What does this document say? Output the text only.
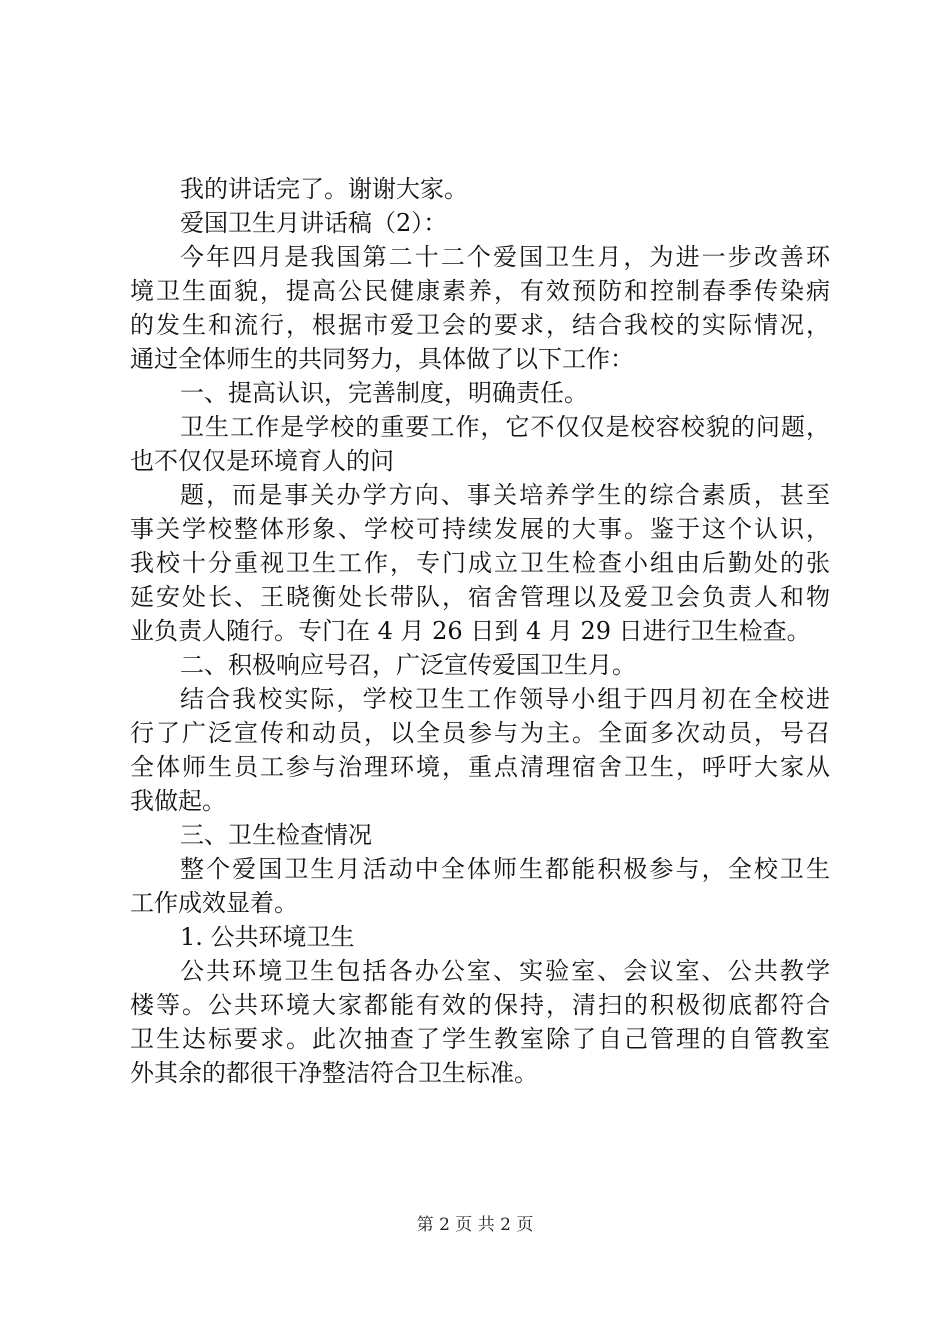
我的讲话完了。谢谢大家。
爱国卫生月讲话稿（2）：
今年四月是我国第二十二个爱国卫生月，为进一步改善环
境卫生面貌，提高公民健康素养，有效预防和控制春季传染病
的发生和流行，根据市爱卫会的要求，结合我校的实际情况，
通过全体师生的共同努力，具体做了以下工作：
一、提高认识，完善制度，明确责任。
卫生工作是学校的重要工作，它不仅仅是校容校貌的问题，
也不仅仅是环境育人的问
题，而是事关办学方向、事关培养学生的综合素质，甚至
事关学校整体形象、学校可持续发展的大事。鉴于这个认识，
我校十分重视卫生工作，专门成立卫生检查小组由后勤处的张
延安处长、王晓衡处长带队，宿舍管理以及爱卫会负责人和物
业负责人随行。专门在 4 月 26 日到 4 月 29 日进行卫生检查。
二、积极响应号召，广泛宣传爱国卫生月。
结合我校实际，学校卫生工作领导小组于四月初在全校进
行了广泛宣传和动员，以全员参与为主。全面多次动员，号召
全体师生员工参与治理环境，重点清理宿舍卫生，呼吁大家从
我做起。
三、卫生检查情况
整个爱国卫生月活动中全体师生都能积极参与，全校卫生
工作成效显着。
1. 公共环境卫生
公共环境卫生包括各办公室、实验室、会议室、公共教学
楼等。公共环境大家都能有效的保持，清扫的积极彻底都符合
卫生达标要求。此次抽查了学生教室除了自己管理的自管教室
外其余的都很干净整洁符合卫生标准。
第 2 页 共 2 页
